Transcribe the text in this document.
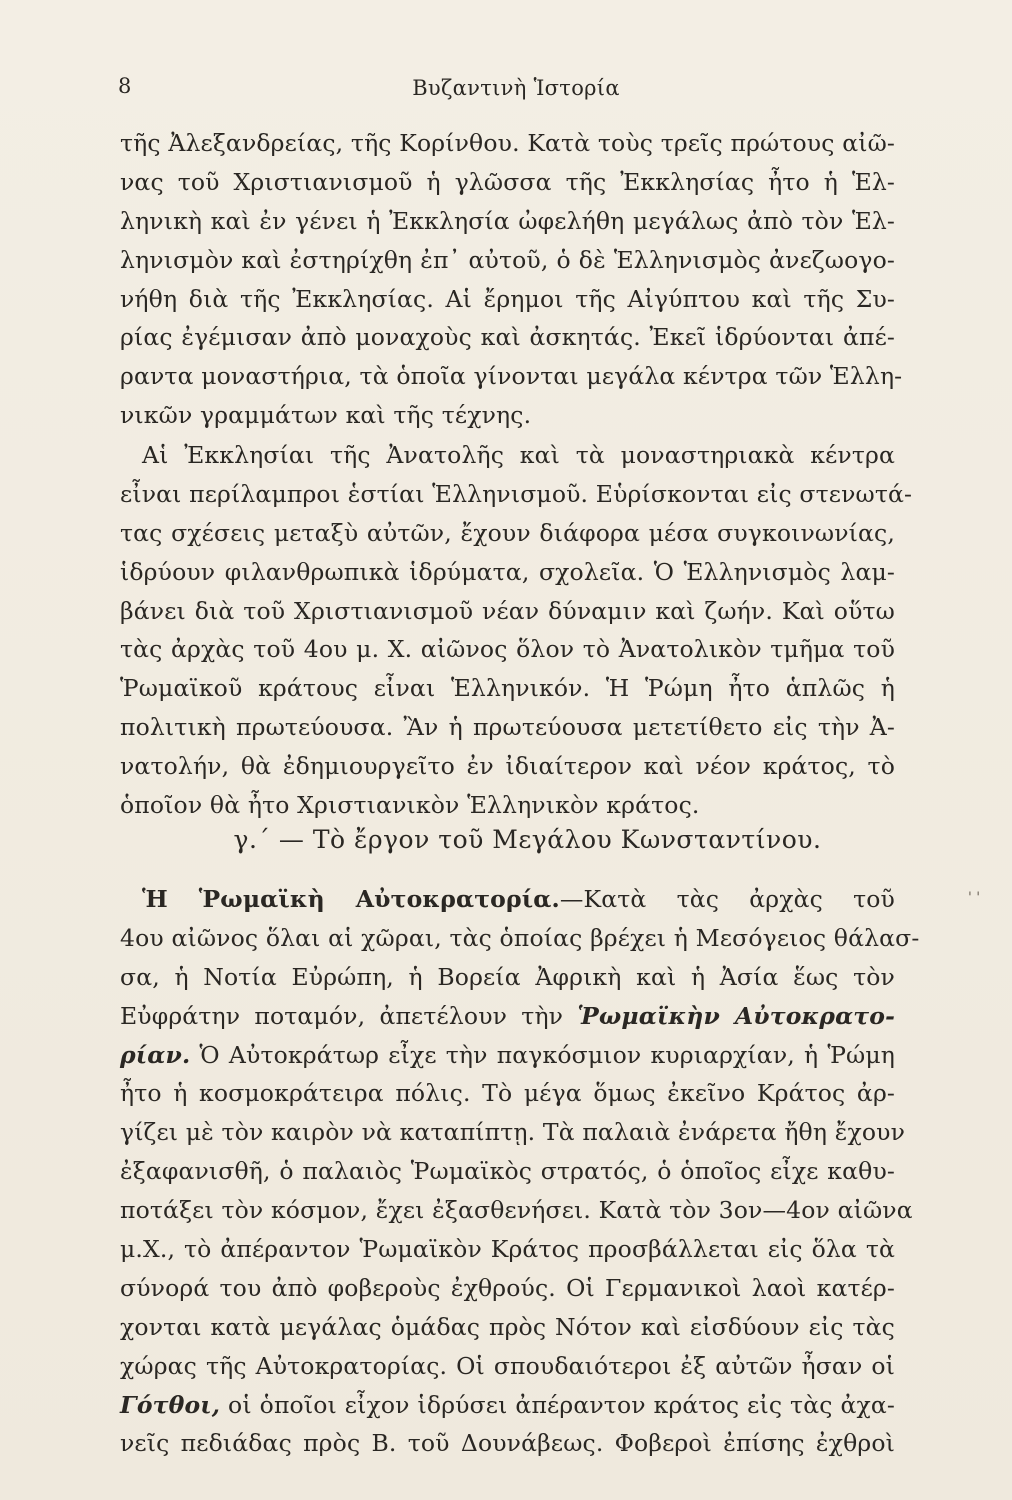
8	Βυζαντινὴ Ἱστορία
τῆς Ἀλεξανδρείας, τῆς Κορίνθου. Κατὰ τοὺς τρεῖς πρώτους αἰῶ-
νας τοῦ Χριστιανισμοῦ ἡ γλῶσσα τῆς Ἐκκλησίας ἦτο ἡ Ἑλ-
ληνικὴ καὶ ἐν γένει ἡ Ἐκκλησία ὠφελήθη μεγάλως ἀπὸ τὸν Ἑλ-
ληνισμὸν καὶ ἐστηρίχθη ἐπ᾽ αὐτοῦ, ὁ δὲ Ἑλληνισμὸς ἀνεζωογο-
νήθη διὰ τῆς Ἐκκλησίας. Αἱ ἔρημοι τῆς Αἰγύπτου καὶ τῆς Συ-
ρίας ἐγέμισαν ἀπὸ μοναχοὺς καὶ ἀσκητάς. Ἐκεῖ ἱδρύονται ἀπέ-
ραντα μοναστήρια, τὰ ὁποῖα γίνονται μεγάλα κέντρα τῶν Ἑλλη-
νικῶν γραμμάτων καὶ τῆς τέχνης.
Αἱ Ἐκκλησίαι τῆς Ἀνατολῆς καὶ τὰ μοναστηριακὰ κέντρα
εἶναι περίλαμπροι ἑστίαι Ἑλληνισμοῦ. Εὑρίσκονται εἰς στενωτά-
τας σχέσεις μεταξὺ αὐτῶν, ἔχουν διάφορα μέσα συγκοινωνίας,
ἱδρύουν φιλανθρωπικὰ ἱδρύματα, σχολεῖα. Ὁ Ἑλληνισμὸς λαμ-
βάνει διὰ τοῦ Χριστιανισμοῦ νέαν δύναμιν καὶ ζωήν. Καὶ οὕτω
τὰς ἀρχὰς τοῦ 4ου μ. Χ. αἰῶνος ὅλον τὸ Ἀνατολικὸν τμῆμα τοῦ
Ῥωμαϊκοῦ κράτους εἶναι Ἑλληνικόν. Ἡ Ῥώμη ἦτο ἁπλῶς ἡ
πολιτικὴ πρωτεύουσα. Ἂν ἡ πρωτεύουσα μετετίθετο εἰς τὴν Ἀ-
νατολήν, θὰ ἐδημιουργεῖτο ἐν ἰδιαίτερον καὶ νέον κράτος, τὸ
ὁποῖον θὰ ἦτο Χριστιανικὸν Ἑλληνικὸν κράτος.
γ.´ — Τὸ ἔργον τοῦ Μεγάλου Κωνσταντίνου.
' '
Ἡ Ῥωμαϊκὴ Αὐτοκρατορία.—Κατὰ τὰς ἀρχὰς τοῦ
4ου αἰῶνος ὅλαι αἱ χῶραι, τὰς ὁποίας βρέχει ἡ Μεσόγειος θάλασ-
σα, ἡ Νοτία Εὐρώπη, ἡ Βορεία Ἀφρικὴ καὶ ἡ Ἀσία ἕως τὸν
Εὐφράτην ποταμόν, ἀπετέλουν τὴν Ῥωμαϊκὴν Αὐτοκρατο-
ρίαν. Ὁ Αὐτοκράτωρ εἶχε τὴν παγκόσμιον κυριαρχίαν, ἡ Ῥώμη
ἦτο ἡ κοσμοκράτειρα πόλις. Τὸ μέγα ὅμως ἐκεῖνο Κράτος ἀρ-
γίζει μὲ τὸν καιρὸν νὰ καταπίπτῃ. Τὰ παλαιὰ ἐνάρετα ἤθη ἔχουν
ἐξαφανισθῆ, ὁ παλαιὸς Ῥωμαϊκὸς στρατός, ὁ ὁποῖος εἶχε καθυ-
ποτάξει τὸν κόσμον, ἔχει ἐξασθενήσει. Κατὰ τὸν 3ον—4ον αἰῶνα
μ.Χ., τὸ ἀπέραντον Ῥωμαϊκὸν Κράτος προσβάλλεται εἰς ὅλα τὰ
σύνορά του ἀπὸ φοβεροὺς ἐχθρούς. Οἱ Γερμανικοὶ λαοὶ κατέρ-
χονται κατὰ μεγάλας ὁμάδας πρὸς Νότον καὶ εἰσδύουν εἰς τὰς
χώρας τῆς Αὐτοκρατορίας. Οἱ σπουδαιότεροι ἐξ αὐτῶν ἦσαν οἱ
Γότθοι, οἱ ὁποῖοι εἶχον ἱδρύσει ἀπέραντον κράτος εἰς τὰς ἀχα-
νεῖς πεδιάδας πρὸς Β. τοῦ Δουνάβεως. Φοβεροὶ ἐπίσης ἐχθροὶ
